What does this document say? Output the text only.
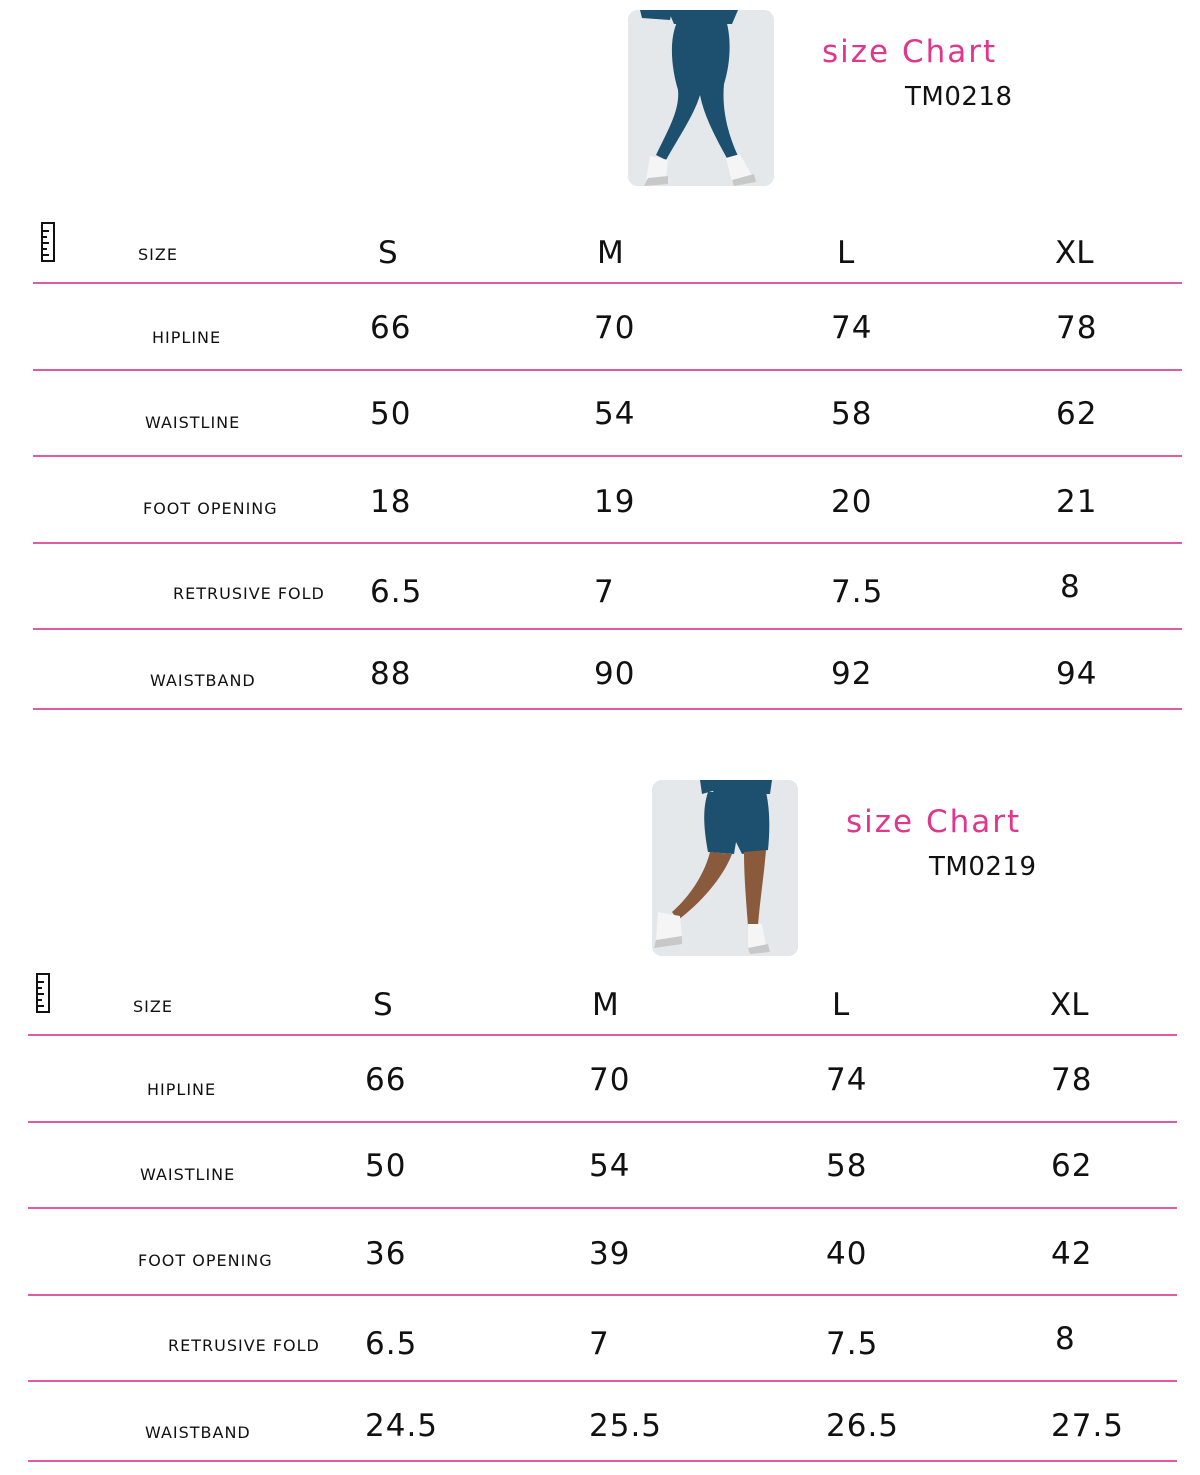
size Chart
TM0218
SIZE	S	M	L	XL
HIPLINE	66	70	74	78
WAISTLINE	50	54	58	62
FOOT OPENING	18	19	20	21
RETRUSIVE FOLD 6.5	7	7.5	8
WAISTBAND	88	90	92	94
size Chart
TM0219
SIZE	S	M	L	XL
HIPLINE	66	70	74	78
WAISTLINE	50	54	58	62
FOOT OPENING	36	39	40	42
RETRUSIVE FOLD 6.5	7	7.5	8
WAISTBAND	24.5	25.5	26.5	27.5
